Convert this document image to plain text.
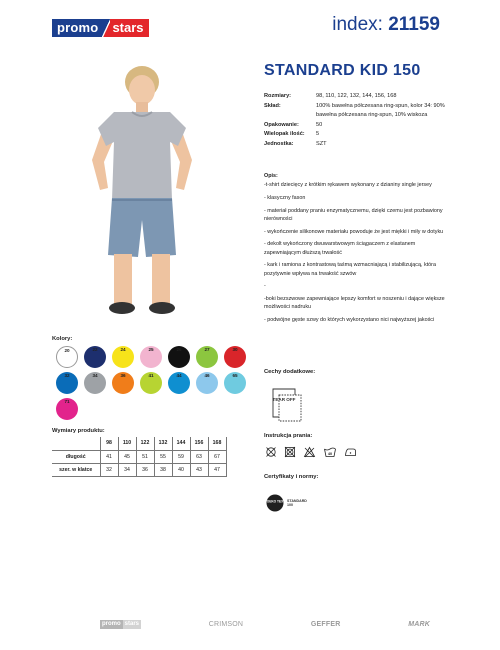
promo	stars	index: 21159
STANDARD KID 150
Rozmiary:	98, 110, 122, 132, 144, 156, 168
Skład:	100% bawełna półczesana ring-spun, kolor 34: 90% bawełna półczesana ring-spun, 10% wiskoza
Opakowanie:	50
Wielopak ilość:	5
Jednostka:	SZT
Opis:

-t-shirt dziecięcy z krótkim rękawem wykonany z dzianiny single jersey

- klasyczny fason

- materiał poddany praniu enzymatycznemu, dzięki czemu jest pozbawiony nierówności

- wykończenie silikonowe materiału powoduje że jest miękki i miły w dotyku

- dekolt wykończony dwuwarstwowym ściągaczem z elastanem zapewniającym dłuższą trwałość

- kark i ramiona z kontrastową taśmą wzmacniającą i stabilizującą, która pozytywnie wpływa na trwałość szwów

-

-boki bezszwowe zapewniające lepszy komfort w noszeniu i dające większe możliwości nadruku

- podwójne gęste szwy do których wykorzystano nici najwyższej jakości

Cechy dodatkowe:
TEAR OFF
Instrukcja prania:
40
Certyfikaty i normy:
OEKO TEX STANDARD
100
Kolory:
20	22	24	25	26	27	30
32	34	36	41	44	46	65
71
Wymiary produktu:
	98	110	122	132	144	156	168
długość	41	45	51	55	59	63	67
szer. w klatce	32	34	36	38	40	43	47
promo stars	CRIMSON	GEFFER	MARK
